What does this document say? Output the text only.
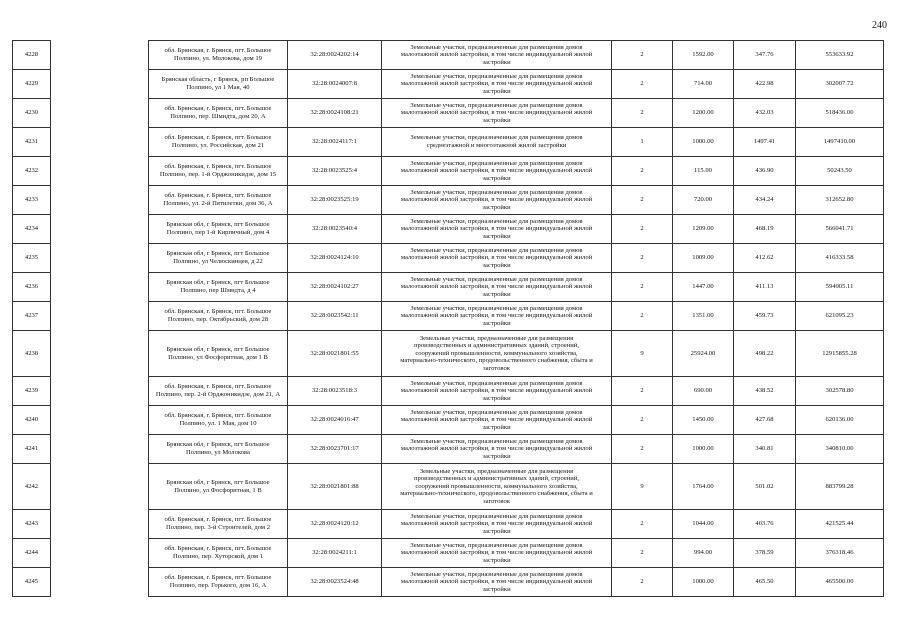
240
4228		обл. Брянская, г. Брянск, пгт. Большое
Полпино, ул. Молокова, дом 19	32:28:0024202:14	Земельные участки, предназначенные для размещения домов
малоэтажной жилой застройки, в том числе индивидуальной жилой
застройки	2	1592.00	347.76	553633.92
4229		Брянская область, г Брянск, рп Большое
Полпино, ул 1 Мая, 40	32:28:0024007:8	Земельные участки, предназначенные для размещения домов
малоэтажной жилой застройки, в том числе индивидуальной жилой
застройки	2	714.00	422.98	302007.72
4230		обл. Брянская, г. Брянск, пгт. Большое
Полпино, пер. Шмидта, дом 20, А	32:28:0024108:21	Земельные участки, предназначенные для размещения домов
малоэтажной жилой застройки, в том числе индивидуальной жилой
застройки	2	1200.00	432.03	518436.00
4231		обл. Брянская, г. Брянск, пгт. Большое
Полпино, ул. Российская, дом 21	32:28:0024117:1	Земельные участки, предназначенные для размещения домов
среднеэтажной и многоэтажной жилой застройки	1	1000.00	1497.41	1497410.00
4232		обл. Брянская, г. Брянск, пгт. Большое
Полпино, пер. 1-й Орджоникидзе, дом 15	32:28:0023525:4	Земельные участки, предназначенные для размещения домов
малоэтажной жилой застройки, в том числе индивидуальной жилой
застройки	2	115.00	436.90	50243.50
4233		обл. Брянская, г. Брянск, пгт. Большое
Полпино, ул. 2-й Пятилетки, дом 36, А	32:28:0023525:19	Земельные участки, предназначенные для размещения домов
малоэтажной жилой застройки, в том числе индивидуальной жилой
застройки	2	720.00	434.24	312652.80
4234		Брянская обл, г Брянск, пгт Большое
Полпино, пер 1-й Кирпичный, дом 4	32:28:0023540:4	Земельные участки, предназначенные для размещения домов
малоэтажной жилой застройки, в том числе индивидуальной жилой
застройки	2	1209.00	468.19	566041.71
4235		Брянская обл, г Брянск, пгт Большое
Полпино, ул Челюскинцев, д 22	32:28:0024124:10	Земельные участки, предназначенные для размещения домов
малоэтажной жилой застройки, в том числе индивидуальной жилой
застройки	2	1009.00	412.62	416333.58
4236		Брянская обл, г Брянск, пгт Большое
Полпино, пер Шмидта, д 4	32:28:0024102:27	Земельные участки, предназначенные для размещения домов
малоэтажной жилой застройки, в том числе индивидуальной жилой
застройки	2	1447.00	411.13	594905.11
4237		обл. Брянская, г. Брянск, пгт. Большое
Полпино, пер. Октябрьский, дом 28	32:28:0023542:11	Земельные участки, предназначенные для размещения домов
малоэтажной жилой застройки, в том числе индивидуальной жилой
застройки	2	1351.00	459.73	621095.23
4238		Брянская обл, г Брянск, пгт Большое
Полпино, ул Фосфоритная, дом 1 В	32:28:0021801:55	Земельные участки, предназначенные для размещения
производственных и административных зданий, строений,
сооружений промышленности, коммунального хозяйства,
материально-технического, продовольственного снабжения, сбыта и
заготовок	9	25924.00	498.22	12915855.28
4239		обл. Брянская, г. Брянск, пгт. Большое
Полпино, пер. 2-й Орджоникидзе, дом 21, А	32:28:0023518:3	Земельные участки, предназначенные для размещения домов
малоэтажной жилой застройки, в том числе индивидуальной жилой
застройки	2	690.00	438.52	302578.80
4240		обл. Брянская, г. Брянск, пгт. Большое
Полпино, ул. 1 Мая, дом 10	32:28:0024016:47	Земельные участки, предназначенные для размещения домов
малоэтажной жилой застройки, в том числе индивидуальной жилой
застройки	2	1450.00	427.68	620136.00
4241		Брянская обл, г Брянск, пгт Большое
Полпино, ул Молокова	32:28:0023701:17	Земельные участки, предназначенные для размещения домов
малоэтажной жилой застройки, в том числе индивидуальной жилой
застройки	2	1000.00	340.81	340810.00
4242		Брянская обл, г Брянск, пгт Большое
Полпино, ул Фосфоритная, 1 В	32:28:0021801:88	Земельные участки, предназначенные для размещения
производственных и административных зданий, строений,
сооружений промышленности, коммунального хозяйства,
материально-технического, продовольственного снабжения, сбыта и
заготовок	9	1764.00	501.02	883799.28
4243		обл. Брянская, г. Брянск, пгт. Большое
Полпино, пер. 3-й Строителей, дом 2	32:28:0024120:12	Земельные участки, предназначенные для размещения домов
малоэтажной жилой застройки, в том числе индивидуальной жилой
застройки	2	1044.00	403.76	421525.44
4244		обл. Брянская, г. Брянск, пгт. Большое
Полпино, пер. Хуторской, дом 1	32:28:0024211:1	Земельные участки, предназначенные для размещения домов
малоэтажной жилой застройки, в том числе индивидуальной жилой
застройки	2	994.00	378.59	376318.46
4245		обл. Брянская, г. Брянск, пгт. Большое
Полпино, пер. Горького, дом 16, А	32:28:0023524:48	Земельные участки, предназначенные для размещения домов
малоэтажной жилой застройки, в том числе индивидуальной жилой
застройки	2	1000.00	465.50	465500.00
